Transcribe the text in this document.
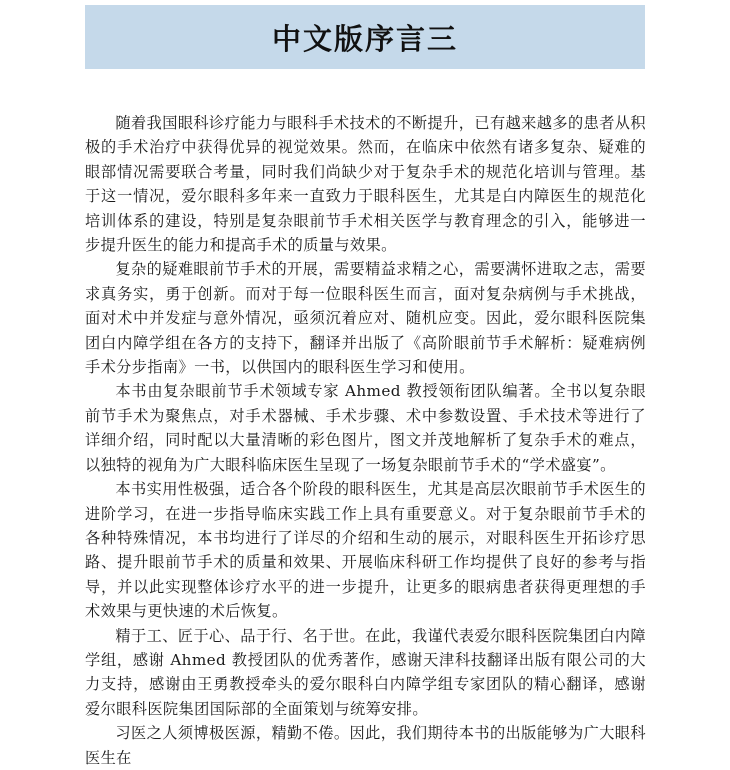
中文版序言三

随着我国眼科诊疗能力与眼科手术技术的不断提升，已有越来越多的患者从积极的手术治疗中获得优异的视觉效果。然而，在临床中依然有诸多复杂、疑难的眼部情况需要联合考量，同时我们尚缺少对于复杂手术的规范化培训与管理。基于这一情况，爱尔眼科多年来一直致力于眼科医生，尤其是白内障医生的规范化培训体系的建设，特别是复杂眼前节手术相关医学与教育理念的引入，能够进一步提升医生的能力和提高手术的质量与效果。

复杂的疑难眼前节手术的开展，需要精益求精之心，需要满怀进取之志，需要求真务实，勇于创新。而对于每一位眼科医生而言，面对复杂病例与手术挑战，面对术中并发症与意外情况，亟须沉着应对、随机应变。因此，爱尔眼科医院集团白内障学组在各方的支持下，翻译并出版了《高阶眼前节手术解析：疑难病例手术分步指南》一书，以供国内的眼科医生学习和使用。

本书由复杂眼前节手术领域专家 Ahmed 教授领衔团队编著。全书以复杂眼前节手术为聚焦点，对手术器械、手术步骤、术中参数设置、手术技术等进行了详细介绍，同时配以大量清晰的彩色图片，图文并茂地解析了复杂手术的难点，以独特的视角为广大眼科临床医生呈现了一场复杂眼前节手术的“学术盛宴”。

本书实用性极强，适合各个阶段的眼科医生，尤其是高层次眼前节手术医生的进阶学习，在进一步指导临床实践工作上具有重要意义。对于复杂眼前节手术的各种特殊情况，本书均进行了详尽的介绍和生动的展示，对眼科医生开拓诊疗思路、提升眼前节手术的质量和效果、开展临床科研工作均提供了良好的参考与指导，并以此实现整体诊疗水平的进一步提升，让更多的眼病患者获得更理想的手术效果与更快速的术后恢复。

精于工、匠于心、品于行、名于世。在此，我谨代表爱尔眼科医院集团白内障学组，感谢 Ahmed 教授团队的优秀著作，感谢天津科技翻译出版有限公司的大力支持，感谢由王勇教授牵头的爱尔眼科白内障学组专家团队的精心翻译，感谢爱尔眼科医院集团国际部的全面策划与统筹安排。

习医之人须博极医源，精勤不倦。因此，我们期待本书的出版能够为广大眼科医生在
